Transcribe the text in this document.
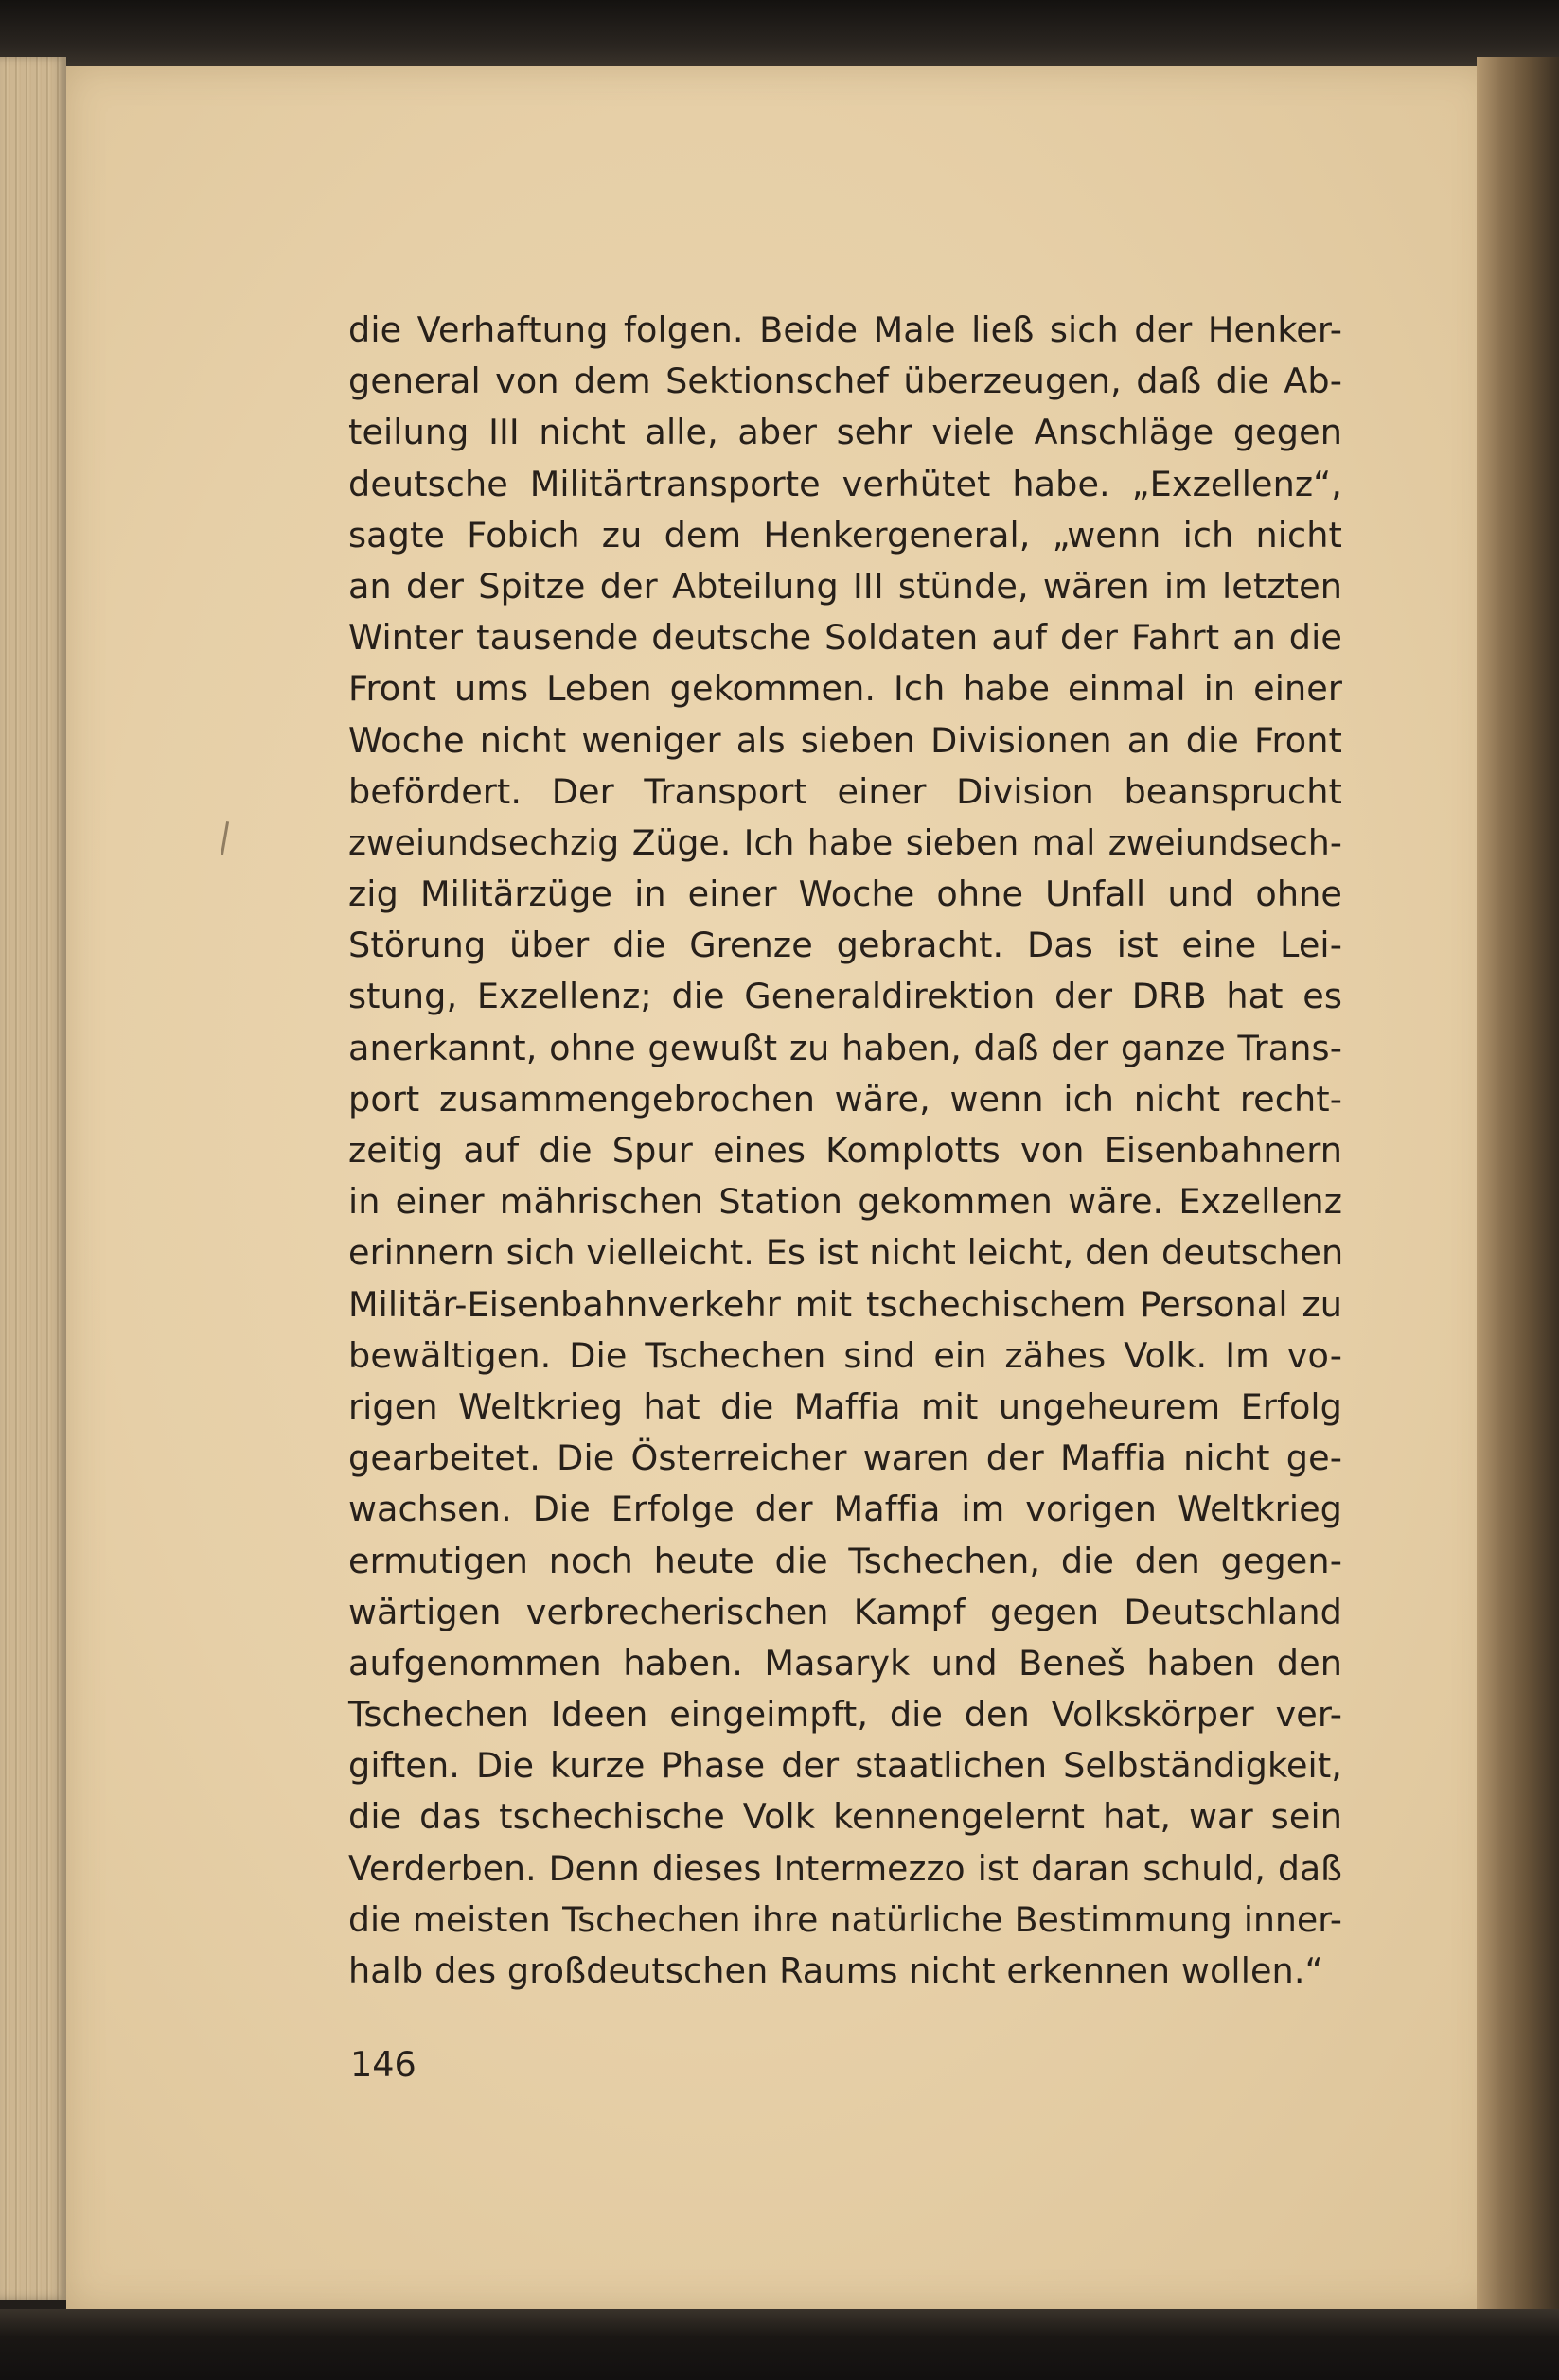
die Verhaftung folgen. Beide Male ließ sich der Henker-
general von dem Sektionschef überzeugen, daß die Ab-
teilung III nicht alle, aber sehr viele Anschläge gegen
deutsche Militärtransporte verhütet habe. „Exzellenz“,
sagte Fobich zu dem Henkergeneral, „wenn ich nicht
an der Spitze der Abteilung III stünde, wären im letzten
Winter tausende deutsche Soldaten auf der Fahrt an die
Front ums Leben gekommen. Ich habe einmal in einer
Woche nicht weniger als sieben Divisionen an die Front
befördert. Der Transport einer Division beansprucht
zweiundsechzig Züge. Ich habe sieben mal zweiundsech-
zig Militärzüge in einer Woche ohne Unfall und ohne
Störung über die Grenze gebracht. Das ist eine Lei-
stung, Exzellenz; die Generaldirektion der DRB hat es
anerkannt, ohne gewußt zu haben, daß der ganze Trans-
port zusammengebrochen wäre, wenn ich nicht recht-
zeitig auf die Spur eines Komplotts von Eisenbahnern
in einer mährischen Station gekommen wäre. Exzellenz
erinnern sich vielleicht. Es ist nicht leicht, den deutschen
Militär-Eisenbahnverkehr mit tschechischem Personal zu
bewältigen. Die Tschechen sind ein zähes Volk. Im vo-
rigen Weltkrieg hat die Maffia mit ungeheurem Erfolg
gearbeitet. Die Österreicher waren der Maffia nicht ge-
wachsen. Die Erfolge der Maffia im vorigen Weltkrieg
ermutigen noch heute die Tschechen, die den gegen-
wärtigen verbrecherischen Kampf gegen Deutschland
aufgenommen haben. Masaryk und Beneš haben den
Tschechen Ideen eingeimpft, die den Volkskörper ver-
giften. Die kurze Phase der staatlichen Selbständigkeit,
die das tschechische Volk kennengelernt hat, war sein
Verderben. Denn dieses Intermezzo ist daran schuld, daß
die meisten Tschechen ihre natürliche Bestimmung inner-
halb des großdeutschen Raums nicht erkennen wollen.“
146
